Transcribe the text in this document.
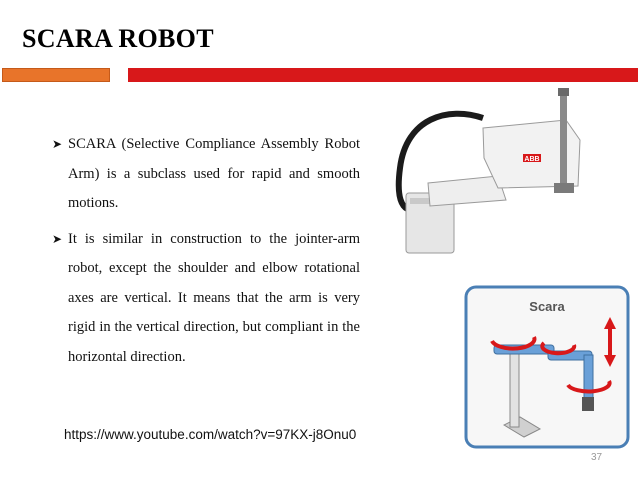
SCARA ROBOT
➤ SCARA (Selective Compliance Assembly Robot Arm) is a subclass used for rapid and smooth motions.
➤ It is similar in construction to the jointer-arm robot, except the shoulder and elbow rotational axes are vertical. It means that the arm is very rigid in the vertical direction, but compliant in the horizontal direction.
ABB
Scara
https://www.youtube.com/watch?v=97KX-j8Onu0
37
